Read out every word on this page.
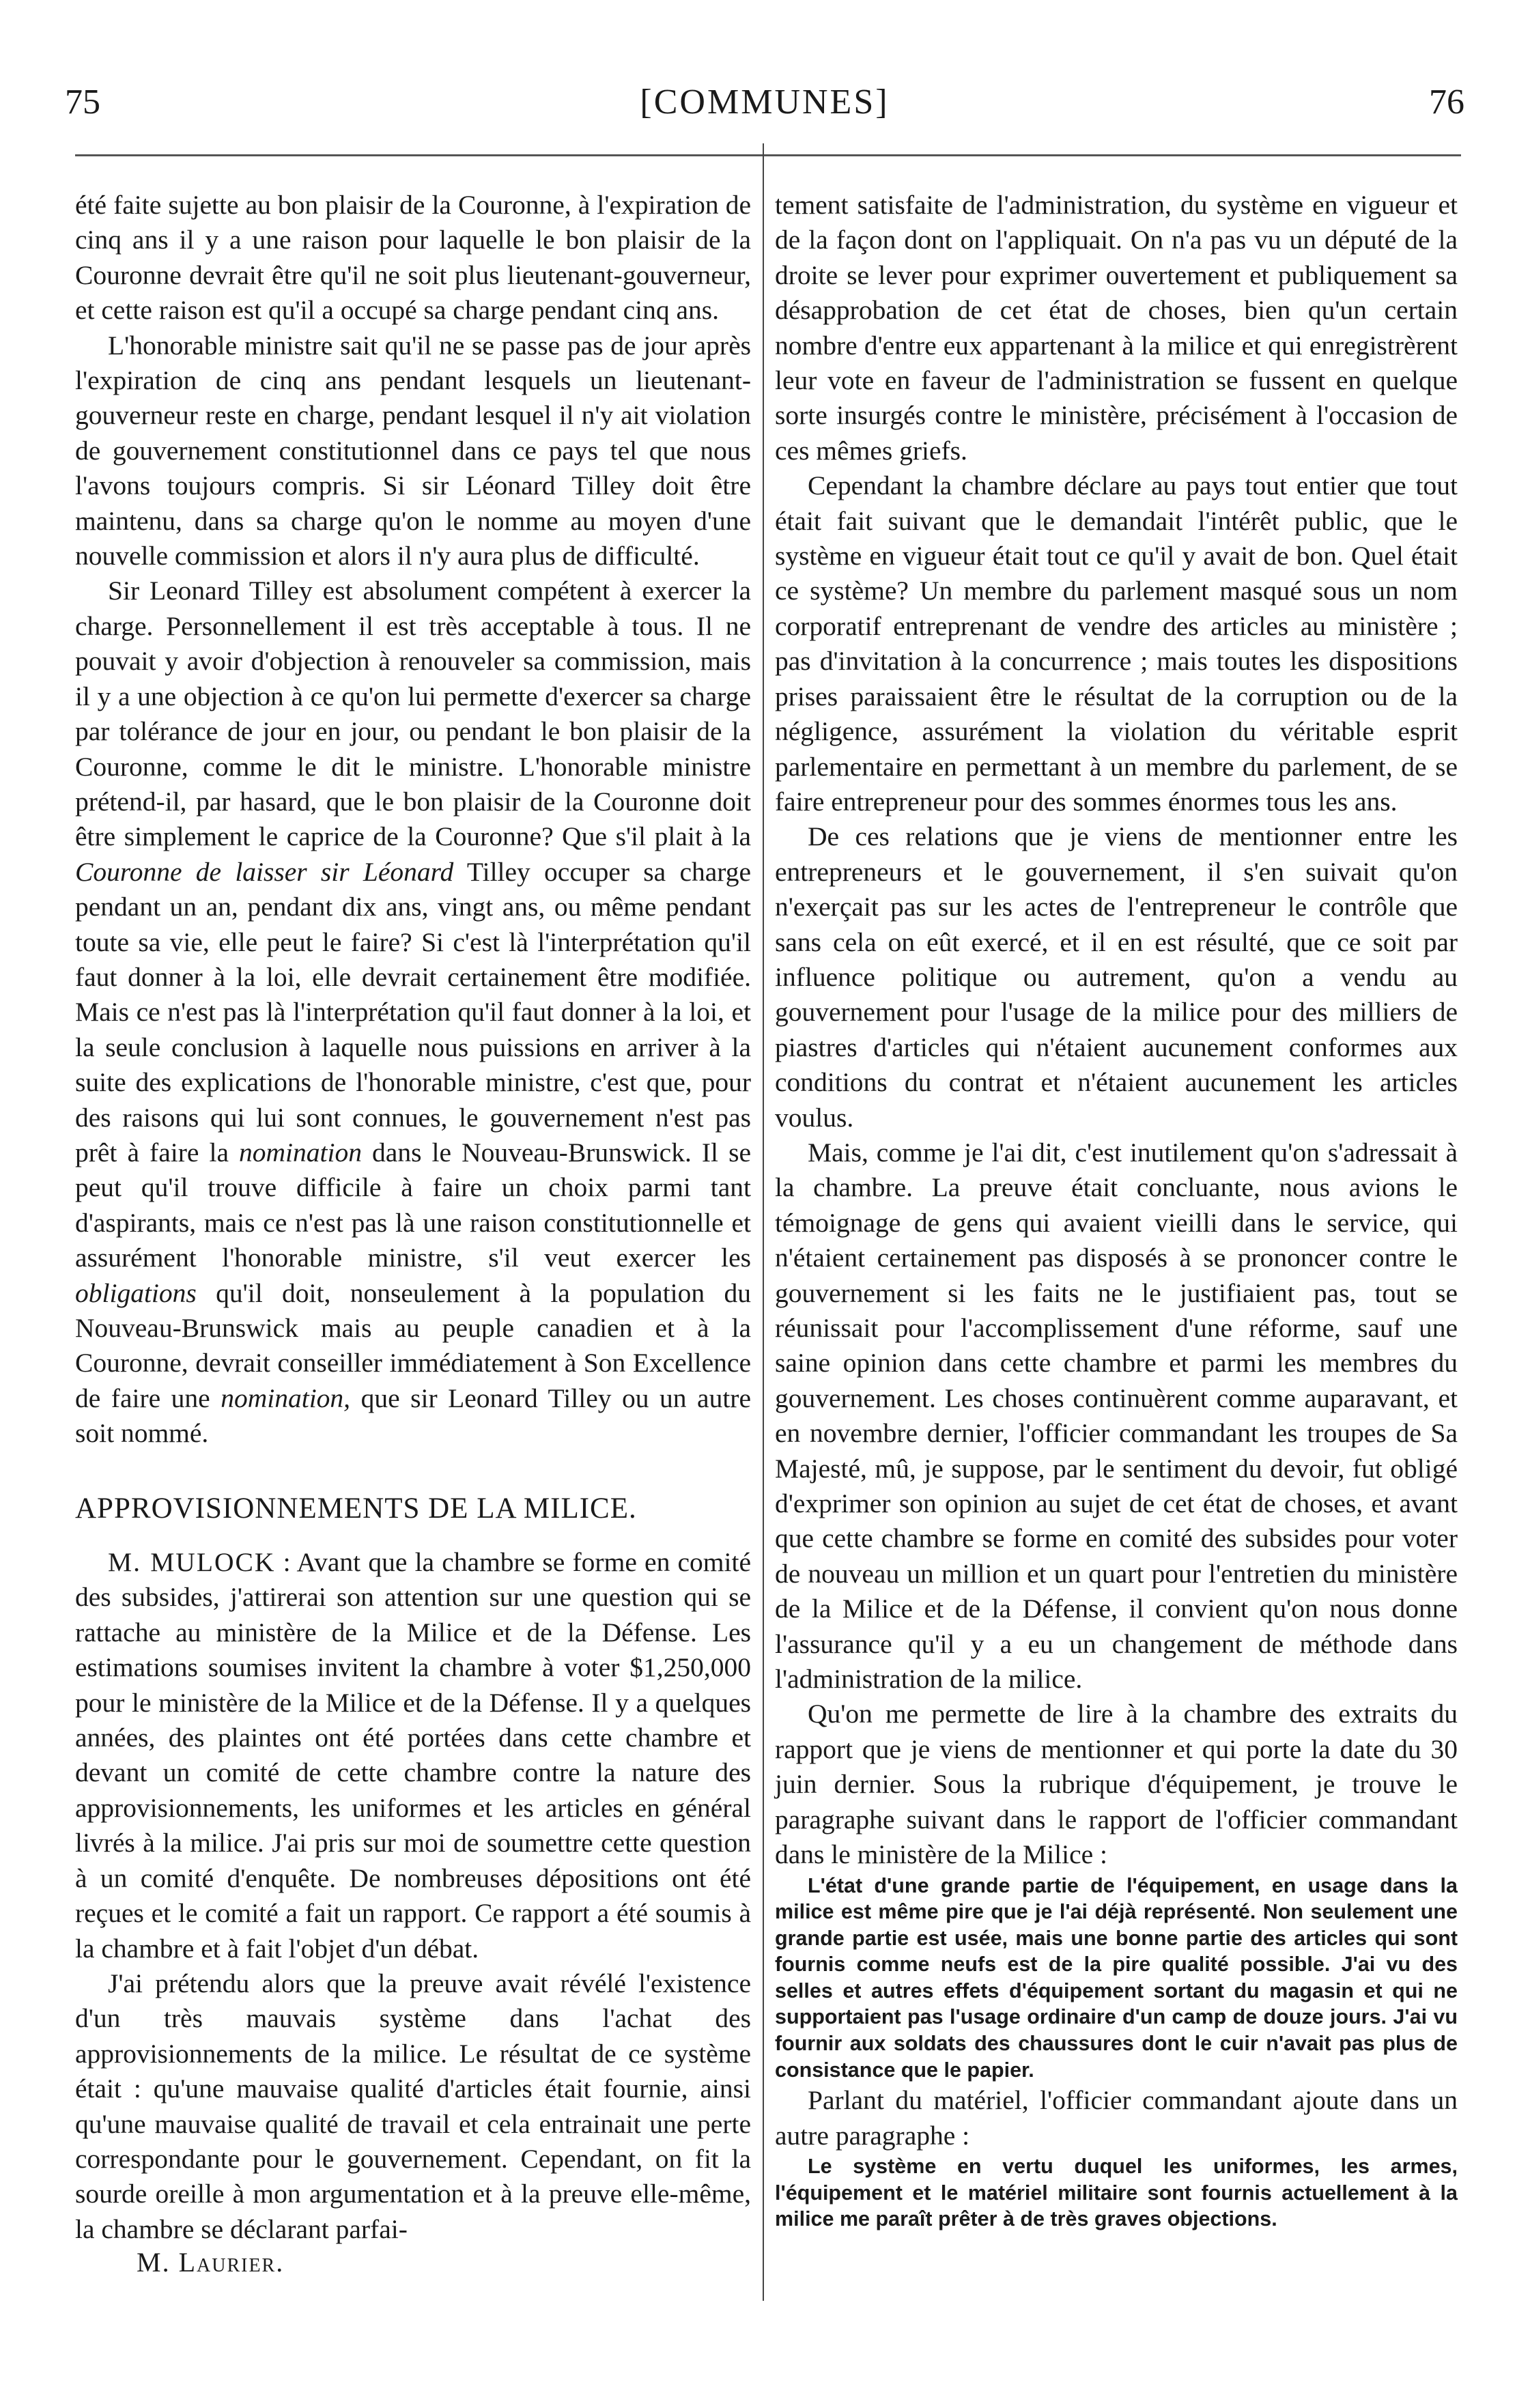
75	[COMMUNES]	76

été faite sujette au bon plaisir de la Couronne, à l'expiration de cinq ans il y a une raison pour laquelle le bon plaisir de la Couronne devrait être qu'il ne soit plus lieutenant-gouverneur, et cette raison est qu'il a occupé sa charge pendant cinq ans.

L'honorable ministre sait qu'il ne se passe pas de jour après l'expiration de cinq ans pendant lesquels un lieutenant-gouverneur reste en charge, pendant lesquel il n'y ait violation de gouvernement constitutionnel dans ce pays tel que nous l'avons toujours compris. Si sir Léonard Tilley doit être maintenu, dans sa charge qu'on le nomme au moyen d'une nouvelle commission et alors il n'y aura plus de difficulté.

Sir Leonard Tilley est absolument compétent à exercer la charge. Personnellement il est très acceptable à tous. Il ne pouvait y avoir d'objection à renouveler sa commission, mais il y a une objection à ce qu'on lui permette d'exercer sa charge par tolérance de jour en jour, ou pendant le bon plaisir de la Couronne, comme le dit le ministre. L'honorable ministre prétend-il, par hasard, que le bon plaisir de la Couronne doit être simplement le caprice de la Couronne? Que s'il plait à la Couronne de laisser sir Léonard Tilley occuper sa charge pendant un an, pendant dix ans, vingt ans, ou même pendant toute sa vie, elle peut le faire? Si c'est là l'interprétation qu'il faut donner à la loi, elle devrait certainement être modifiée. Mais ce n'est pas là l'interprétation qu'il faut donner à la loi, et la seule conclusion à laquelle nous puissions en arriver à la suite des explications de l'honorable ministre, c'est que, pour des raisons qui lui sont connues, le gouvernement n'est pas prêt à faire la nomination dans le Nouveau-Brunswick. Il se peut qu'il trouve difficile à faire un choix parmi tant d'aspirants, mais ce n'est pas là une raison constitutionnelle et assurément l'honorable ministre, s'il veut exercer les obligations qu'il doit, nonseulement à la population du Nouveau-Brunswick mais au peuple canadien et à la Couronne, devrait conseiller immédiatement à Son Excellence de faire une nomination, que sir Leonard Tilley ou un autre soit nommé.

APPROVISIONNEMENTS DE LA MILICE.

M. MULOCK : Avant que la chambre se forme en comité des subsides, j'attirerai son attention sur une question qui se rattache au ministère de la Milice et de la Défense. Les estimations soumises invitent la chambre à voter $1,250,000 pour le ministère de la Milice et de la Défense. Il y a quelques années, des plaintes ont été portées dans cette chambre et devant un comité de cette chambre contre la nature des approvisionnements, les uniformes et les articles en général livrés à la milice. J'ai pris sur moi de soumettre cette question à un comité d'enquête. De nombreuses dépositions ont été reçues et le comité a fait un rapport. Ce rapport a été soumis à la chambre et à fait l'objet d'un débat.

J'ai prétendu alors que la preuve avait révélé l'existence d'un très mauvais système dans l'achat des approvisionnements de la milice. Le résultat de ce système était : qu'une mauvaise qualité d'articles était fournie, ainsi qu'une mauvaise qualité de travail et cela entrainait une perte correspondante pour le gouvernement. Cependant, on fit la sourde oreille à mon argumentation et à la preuve elle-même, la chambre se déclarant parfai-

M. Laurier.

tement satisfaite de l'administration, du système en vigueur et de la façon dont on l'appliquait. On n'a pas vu un député de la droite se lever pour exprimer ouvertement et publiquement sa désapprobation de cet état de choses, bien qu'un certain nombre d'entre eux appartenant à la milice et qui enregistrèrent leur vote en faveur de l'administration se fussent en quelque sorte insurgés contre le ministère, précisément à l'occasion de ces mêmes griefs.

Cependant la chambre déclare au pays tout entier que tout était fait suivant que le demandait l'intérêt public, que le système en vigueur était tout ce qu'il y avait de bon. Quel était ce système? Un membre du parlement masqué sous un nom corporatif entreprenant de vendre des articles au ministère ; pas d'invitation à la concurrence ; mais toutes les dispositions prises paraissaient être le résultat de la corruption ou de la négligence, assurément la violation du véritable esprit parlementaire en permettant à un membre du parlement, de se faire entrepreneur pour des sommes énormes tous les ans.

De ces relations que je viens de mentionner entre les entrepreneurs et le gouvernement, il s'en suivait qu'on n'exerçait pas sur les actes de l'entrepreneur le contrôle que sans cela on eût exercé, et il en est résulté, que ce soit par influence politique ou autrement, qu'on a vendu au gouvernement pour l'usage de la milice pour des milliers de piastres d'articles qui n'étaient aucunement conformes aux conditions du contrat et n'étaient aucunement les articles voulus.

Mais, comme je l'ai dit, c'est inutilement qu'on s'adressait à la chambre. La preuve était concluante, nous avions le témoignage de gens qui avaient vieilli dans le service, qui n'étaient certainement pas disposés à se prononcer contre le gouvernement si les faits ne le justifiaient pas, tout se réunissait pour l'accomplissement d'une réforme, sauf une saine opinion dans cette chambre et parmi les membres du gouvernement. Les choses continuèrent comme auparavant, et en novembre dernier, l'officier commandant les troupes de Sa Majesté, mû, je suppose, par le sentiment du devoir, fut obligé d'exprimer son opinion au sujet de cet état de choses, et avant que cette chambre se forme en comité des subsides pour voter de nouveau un million et un quart pour l'entretien du ministère de la Milice et de la Défense, il convient qu'on nous donne l'assurance qu'il y a eu un changement de méthode dans l'administration de la milice.

Qu'on me permette de lire à la chambre des extraits du rapport que je viens de mentionner et qui porte la date du 30 juin dernier. Sous la rubrique d'équipement, je trouve le paragraphe suivant dans le rapport de l'officier commandant dans le ministère de la Milice :

L'état d'une grande partie de l'équipement, en usage dans la milice est même pire que je l'ai déjà représenté. Non seulement une grande partie est usée, mais une bonne partie des articles qui sont fournis comme neufs est de la pire qualité possible. J'ai vu des selles et autres effets d'équipement sortant du magasin et qui ne supportaient pas l'usage ordinaire d'un camp de douze jours. J'ai vu fournir aux soldats des chaussures dont le cuir n'avait pas plus de consistance que le papier.

Parlant du matériel, l'officier commandant ajoute dans un autre paragraphe :

Le système en vertu duquel les uniformes, les armes, l'équipement et le matériel militaire sont fournis actuellement à la milice me paraît prêter à de très graves objections.
